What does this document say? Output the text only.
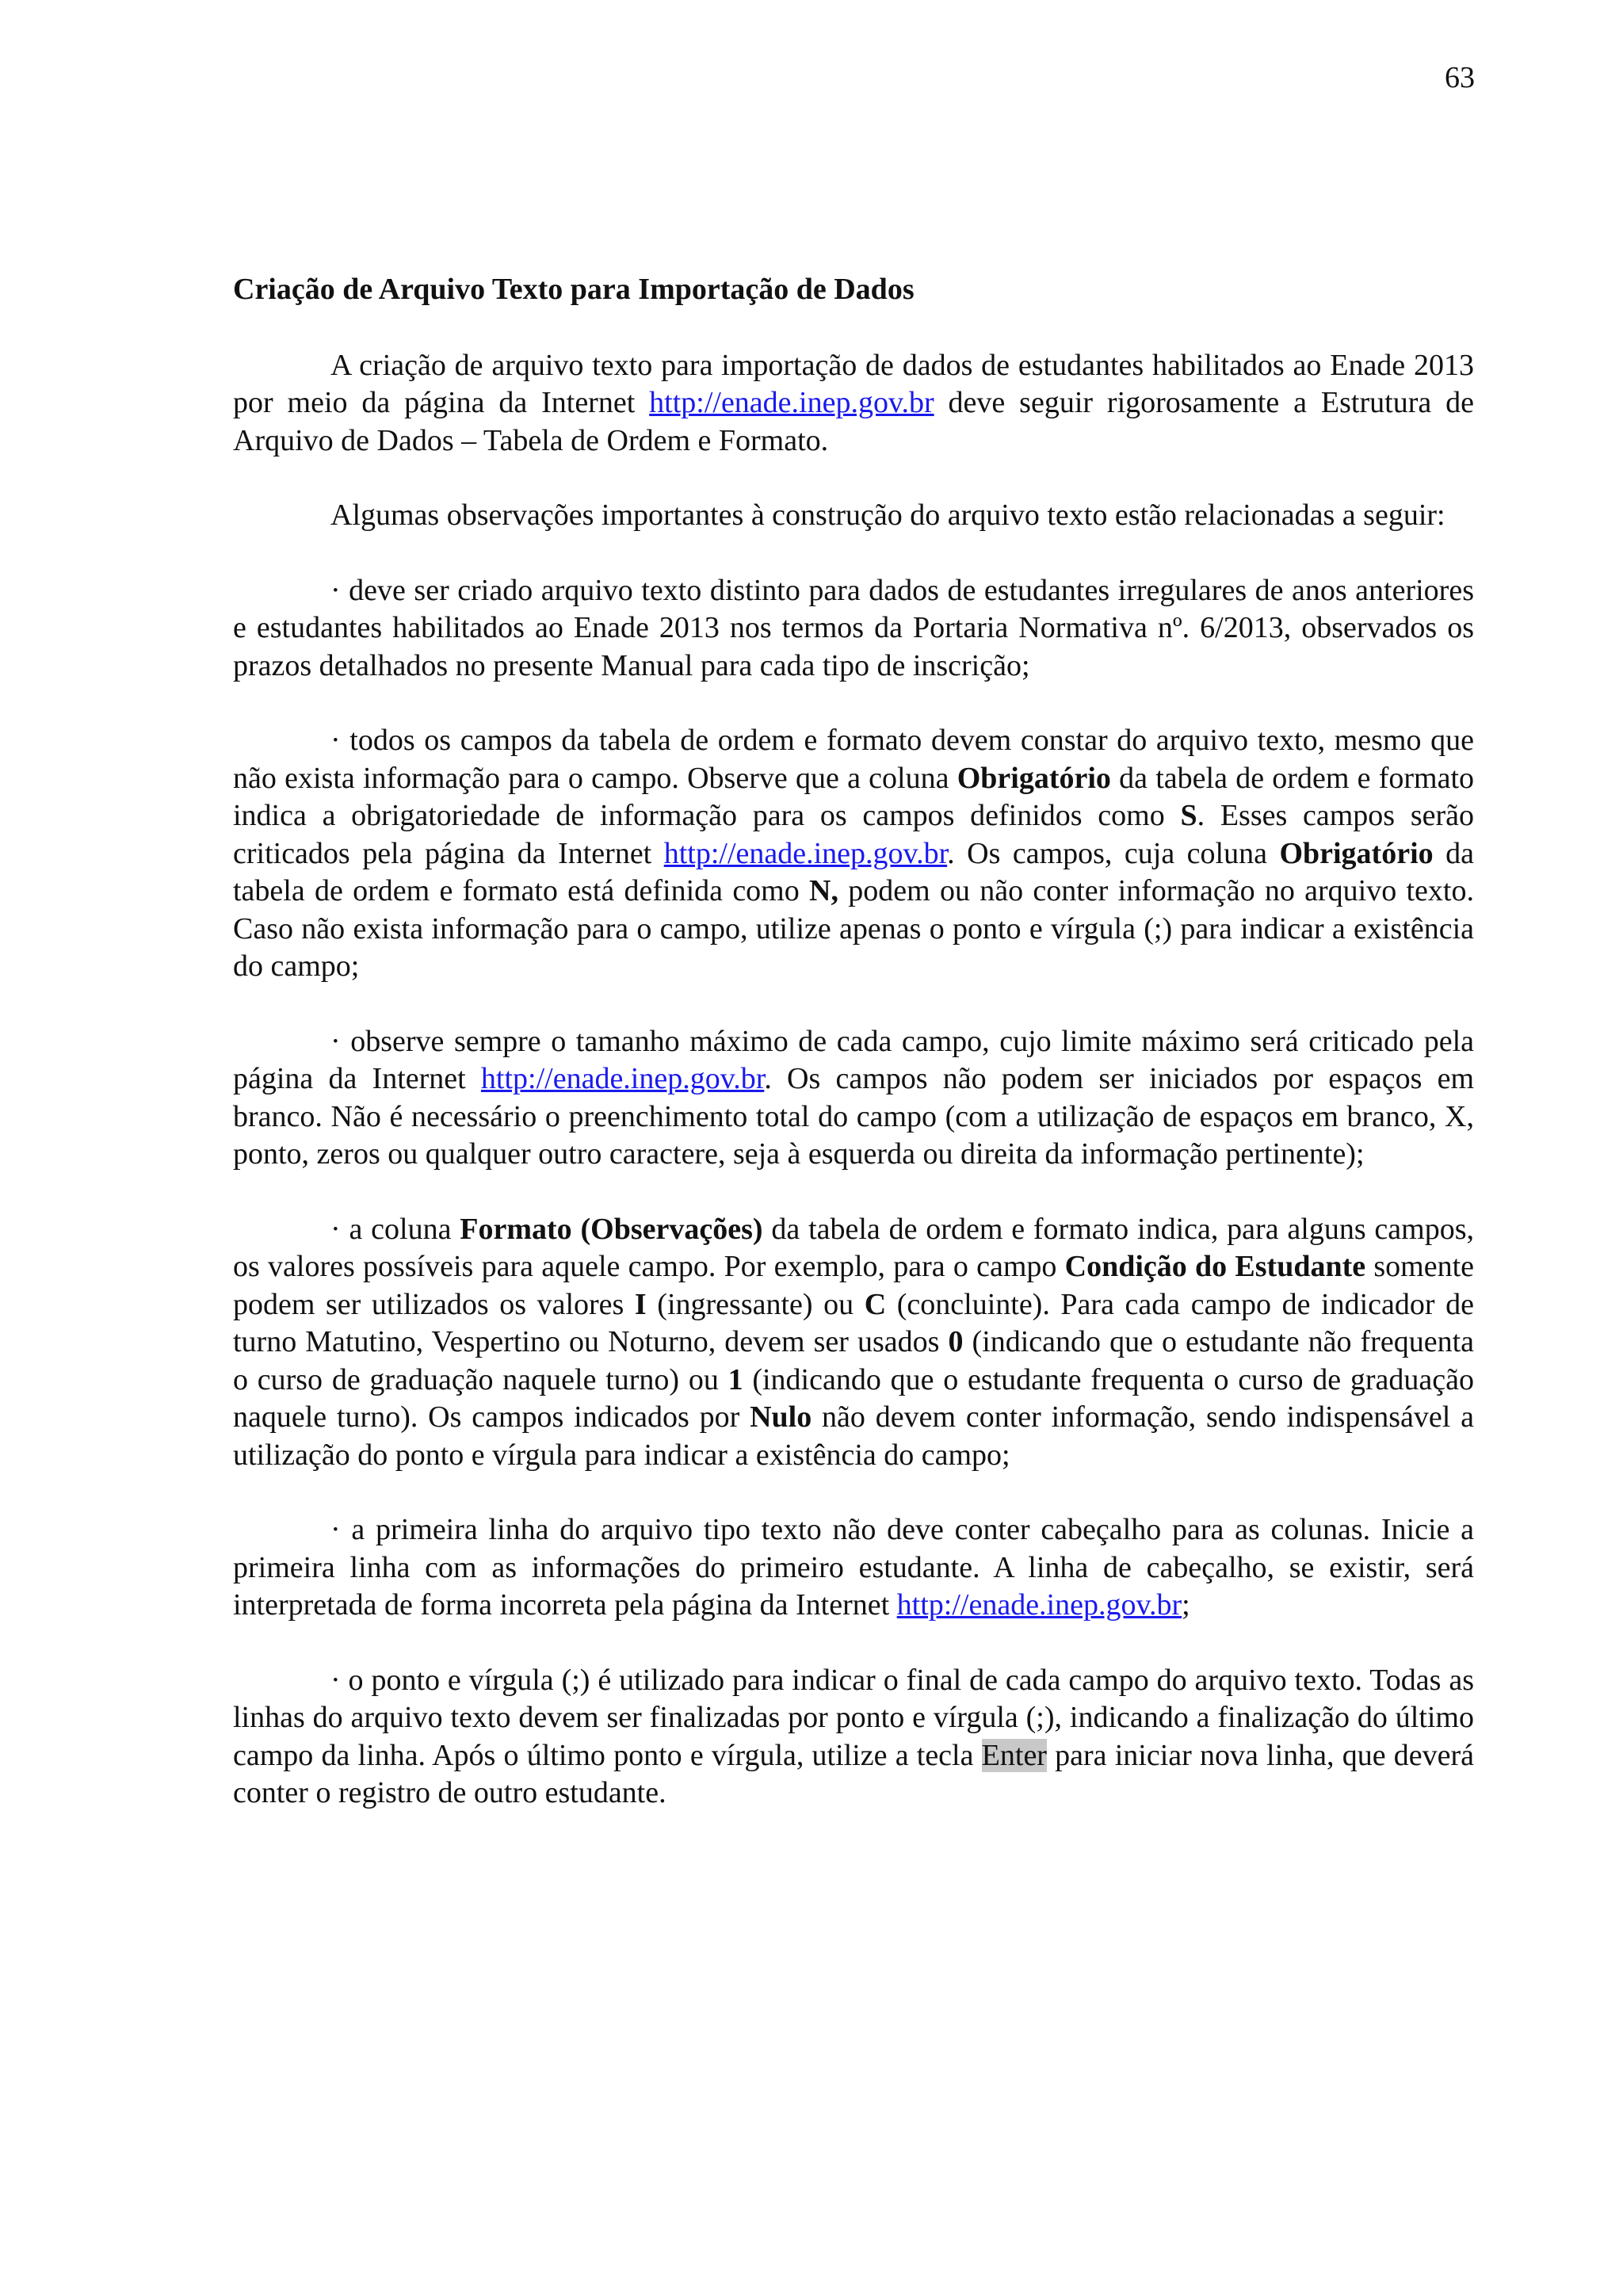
63
Criação de Arquivo Texto para Importação de Dados

A criação de arquivo texto para importação de dados de estudantes habilitados ao Enade 2013 por meio da página da Internet http://enade.inep.gov.br deve seguir rigorosamente a Estrutura de Arquivo de Dados – Tabela de Ordem e Formato.

Algumas observações importantes à construção do arquivo texto estão relacionadas a seguir:

· deve ser criado arquivo texto distinto para dados de estudantes irregulares de anos anteriores e estudantes habilitados ao Enade 2013 nos termos da Portaria Normativa nº. 6/2013, observados os prazos detalhados no presente Manual para cada tipo de inscrição;

· todos os campos da tabela de ordem e formato devem constar do arquivo texto, mesmo que não exista informação para o campo. Observe que a coluna Obrigatório da tabela de ordem e formato indica a obrigatoriedade de informação para os campos definidos como S. Esses campos serão criticados pela página da Internet http://enade.inep.gov.br. Os campos, cuja coluna Obrigatório da tabela de ordem e formato está definida como N, podem ou não conter informação no arquivo texto. Caso não exista informação para o campo, utilize apenas o ponto e vírgula (;) para indicar a existência do campo;

· observe sempre o tamanho máximo de cada campo, cujo limite máximo será criticado pela página da Internet http://enade.inep.gov.br. Os campos não podem ser iniciados por espaços em branco. Não é necessário o preenchimento total do campo (com a utilização de espaços em branco, X, ponto, zeros ou qualquer outro caractere, seja à esquerda ou direita da informação pertinente);

· a coluna Formato (Observações) da tabela de ordem e formato indica, para alguns campos, os valores possíveis para aquele campo. Por exemplo, para o campo Condição do Estudante somente podem ser utilizados os valores I (ingressante) ou C (concluinte). Para cada campo de indicador de turno Matutino, Vespertino ou Noturno, devem ser usados 0 (indicando que o estudante não frequenta o curso de graduação naquele turno) ou 1 (indicando que o estudante frequenta o curso de graduação naquele turno). Os campos indicados por Nulo não devem conter informação, sendo indispensável a utilização do ponto e vírgula para indicar a existência do campo;

· a primeira linha do arquivo tipo texto não deve conter cabeçalho para as colunas. Inicie a primeira linha com as informações do primeiro estudante. A linha de cabeçalho, se existir, será interpretada de forma incorreta pela página da Internet http://enade.inep.gov.br;

· o ponto e vírgula (;) é utilizado para indicar o final de cada campo do arquivo texto. Todas as linhas do arquivo texto devem ser finalizadas por ponto e vírgula (;), indicando a finalização do último campo da linha. Após o último ponto e vírgula, utilize a tecla Enter para iniciar nova linha, que deverá conter o registro de outro estudante.
